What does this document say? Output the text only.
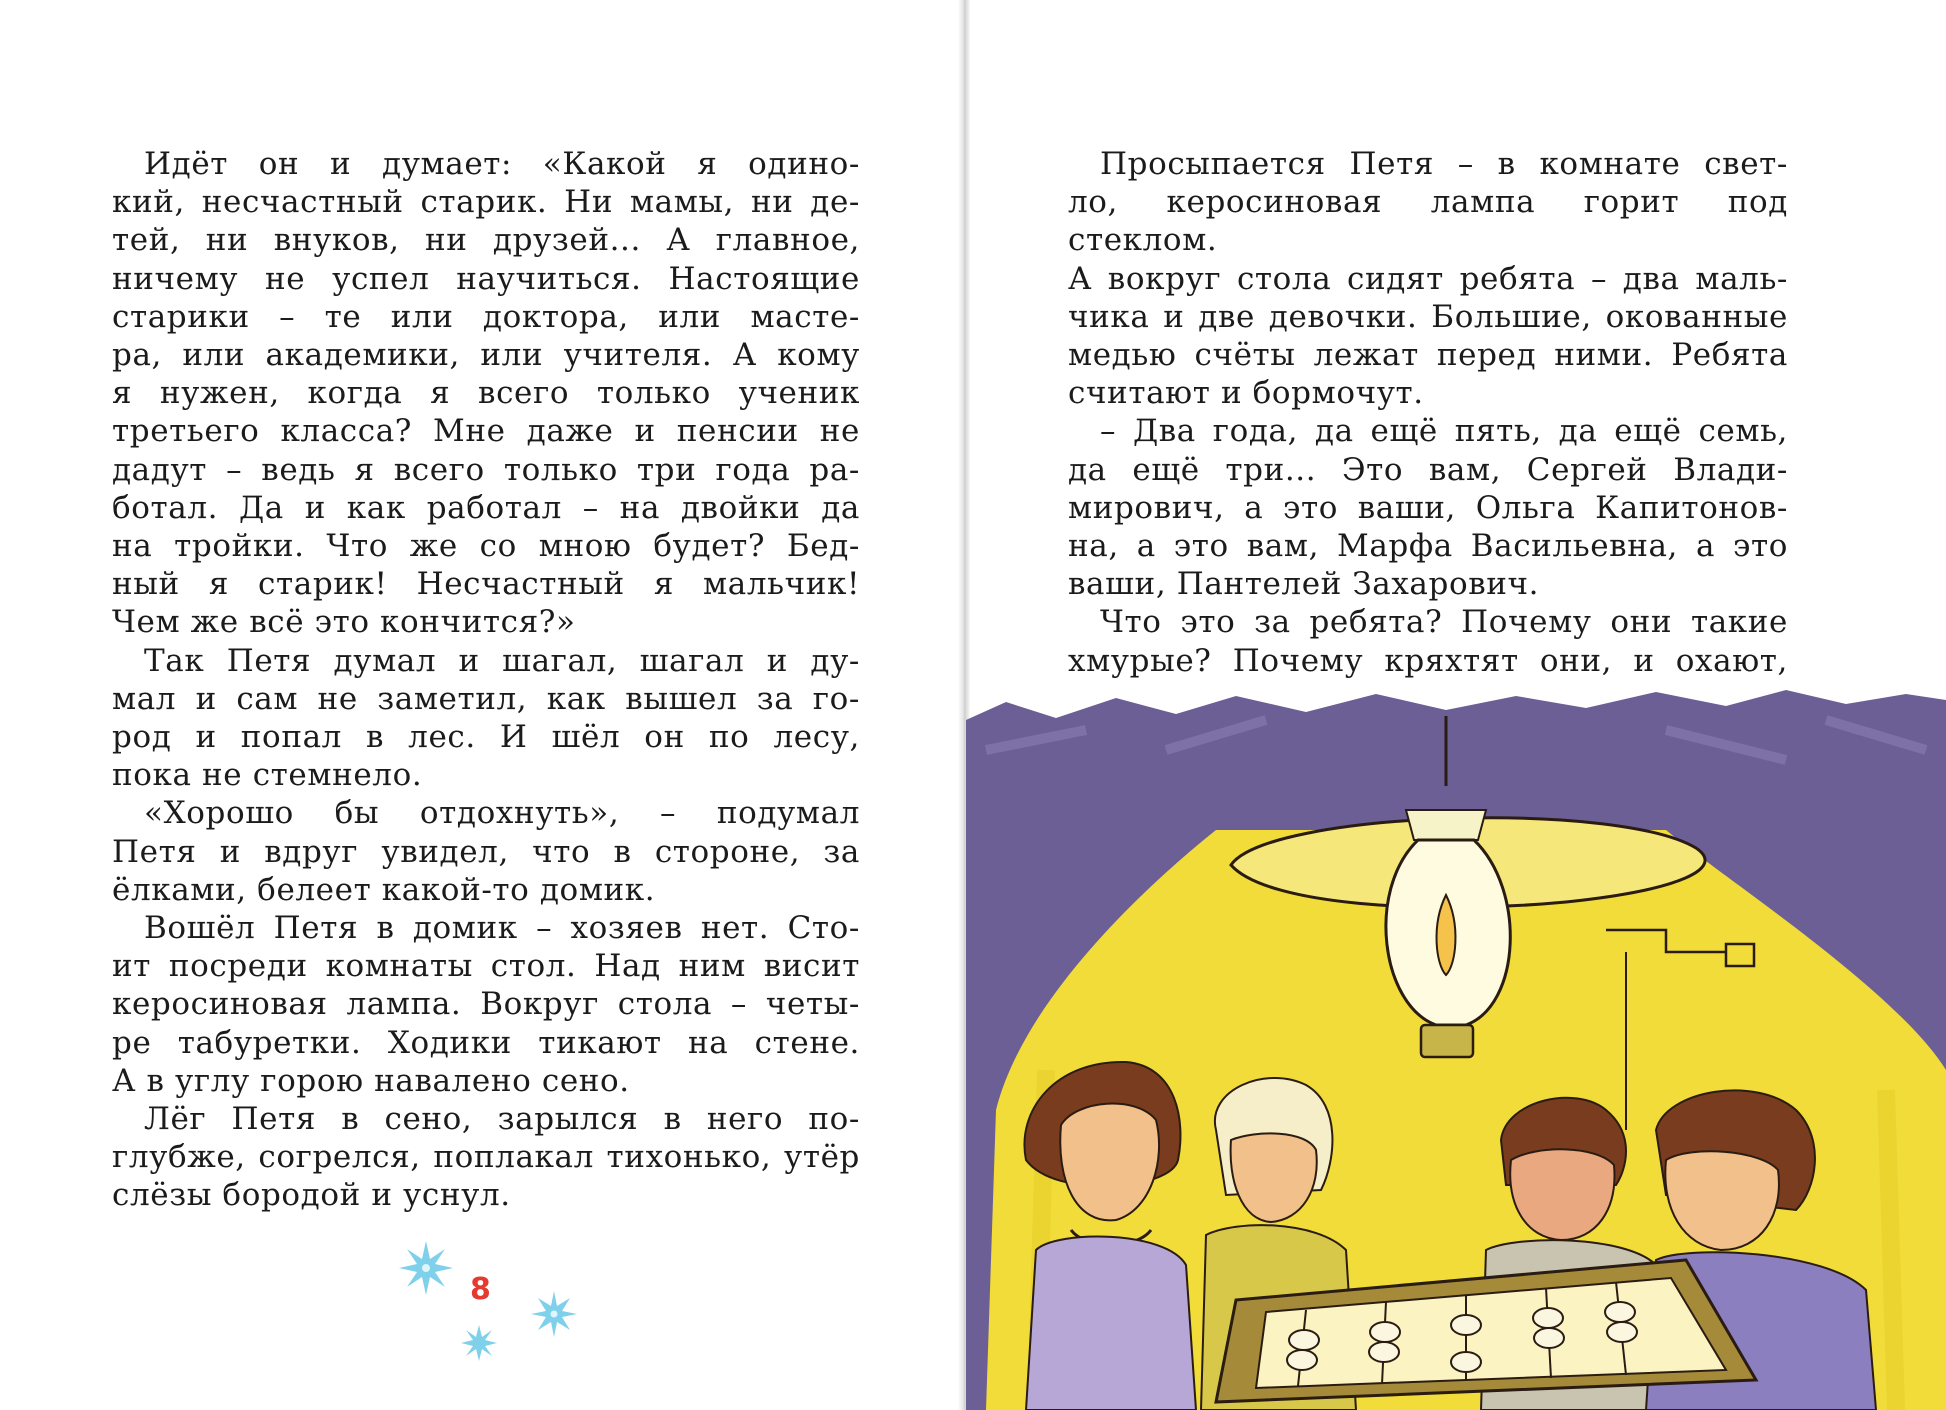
Идёт он и думает: «Какой я одино-

кий, несчастный старик. Ни мамы, ни де-

тей, ни внуков, ни друзей... А главное,

ничему не успел научиться. Настоящие

старики – те или доктора, или масте-

ра, или академики, или учителя. А кому

я нужен, когда я всего только ученик

третьего класса? Мне даже и пенсии не

дадут – ведь я всего только три года ра-

ботал. Да и как работал – на двойки да

на тройки. Что же со мною будет? Бед-

ный я старик! Несчастный я мальчик!

Чем же всё это кончится?»

Так Петя думал и шагал, шагал и ду-

мал и сам не заметил, как вышел за го-

род и попал в лес. И шёл он по лесу,

пока не стемнело.

«Хорошо бы отдохнуть», – подумал

Петя и вдруг увидел, что в стороне, за

ёлками, белеет какой-то домик.

Вошёл Петя в домик – хозяев нет. Сто-

ит посреди комнаты стол. Над ним висит

керосиновая лампа. Вокруг стола – четы-

ре табуретки. Ходики тикают на стене.

А в углу горою навалено сено.

Лёг Петя в сено, зарылся в него по-

глубже, согрелся, поплакал тихонько, утёр

слёзы бородой и уснул.

8

Просыпается Петя – в комнате свет-

ло, керосиновая лампа горит под стеклом.

А вокруг стола сидят ребята – два маль-

чика и две девочки. Большие, окованные

медью счёты лежат перед ними. Ребята

считают и бормочут.

– Два года, да ещё пять, да ещё семь,

да ещё три... Это вам, Сергей Влади-

мирович, а это ваши, Ольга Капитонов-

на, а это вам, Марфа Васильевна, а это

ваши, Пантелей Захарович.

Что это за ребята? Почему они такие

хмурые? Почему кряхтят они, и охают,
